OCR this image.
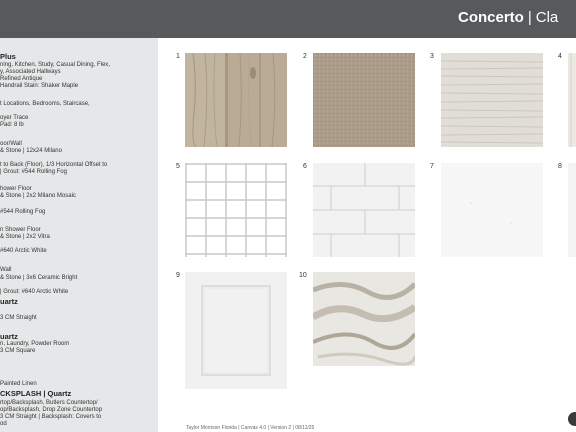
Concerto | Cla
Plus
ning, Kitchen, Study, Casual Dining, Flex,
y, Associated Hallways
Refined Antique
Handrail Stain: Shaker Maple
t Locations, Bedrooms, Staircase,
oyer Trace
Pad: 8 lb
oor/Wall
& Stone | 12x24 Milano
t to Back (Floor), 1/3 Horizontal Offset to
| Grout: #544 Rolling Fog
hower Floor
& Stone | 2x2 Milano Mosaic
#544 Rolling Fog
n Shower Floor
& Stone | 2x2 Vitra
#640 Arctic White
Wall
& Stone | 3x6 Ceramic Bright
| Grout: #640 Arctic White
uartz
3 CM Straight
uartz
n, Laundry, Powder Room
3 CM Square
Painted Linen
CKSPLASH | Quartz
rtop/Backsplash, Butlers Countertop/
op/Backsplash, Drop Zone Countertop
3 CM Straight | Backsplash: Covers to
od
1	2	3	4
5	6	7	8
9	10
Taylor Morrison Florida | Canvas 4.0 | Version 2 | 08/11/25
